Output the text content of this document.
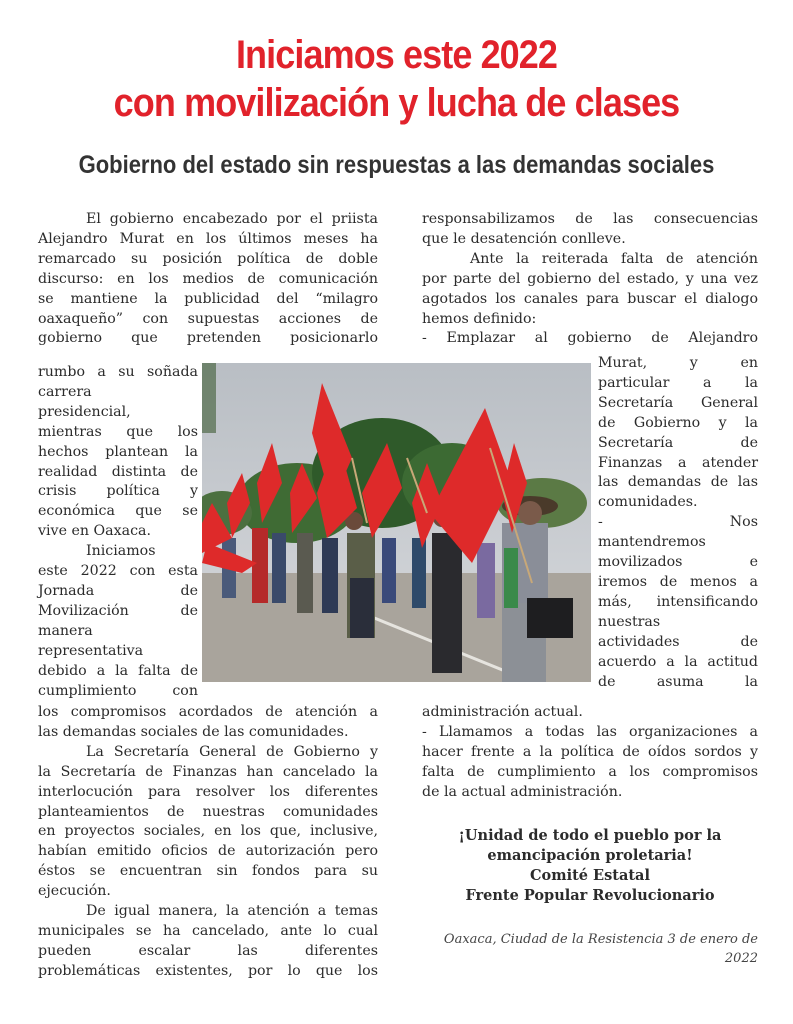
Iniciamos este 2022
con movilización y lucha de clases
Gobierno del estado sin respuestas a las demandas sociales
El gobierno encabezado por el priista
Alejandro Murat en los últimos meses ha
remarcado su posición política de doble
discurso: en los medios de comunicación
se mantiene la publicidad del “milagro
oaxaqueño” con supuestas acciones de
gobierno que pretenden posicionarlo
rumbo a su soñada
carrera
presidencial,
mientras que los
hechos plantean la
realidad distinta de
crisis política y
económica que se
vive en Oaxaca.
Iniciamos
este 2022 con esta
Jornada de
Movilización de
manera
representativa
debido a la falta de
cumplimiento con
los compromisos acordados de atención a
las demandas sociales de las comunidades.
La Secretaría General de Gobierno y
la Secretaría de Finanzas han cancelado la
interlocución para resolver los diferentes
planteamientos de nuestras comunidades
en proyectos sociales, en los que, inclusive,
habían emitido oficios de autorización pero
éstos se encuentran sin fondos para su
ejecución.
De igual manera, la atención a temas
municipales se ha cancelado, ante lo cual
pueden escalar las diferentes
problemáticas existentes, por lo que los
responsabilizamos de las consecuencias
que le desatención conlleve.
Ante la reiterada falta de atención
por parte del gobierno del estado, y una vez
agotados los canales para buscar el dialogo
hemos definido:
- Emplazar al gobierno de Alejandro
Murat, y en
particular a la
Secretaría General
de Gobierno y la
Secretaría de
Finanzas a atender
las demandas de las
comunidades.
- Nos
mantendremos
movilizados e
iremos de menos a
más, intensificando
nuestras
actividades de
acuerdo a la actitud
de asuma la
administración actual.
- Llamamos a todas las organizaciones a
hacer frente a la política de oídos sordos y
falta de cumplimiento a los compromisos
de la actual administración.
¡Unidad de todo el pueblo por la
emancipación proletaria!
Comité Estatal
Frente Popular Revolucionario
Oaxaca, Ciudad de la Resistencia 3 de enero de
2022
